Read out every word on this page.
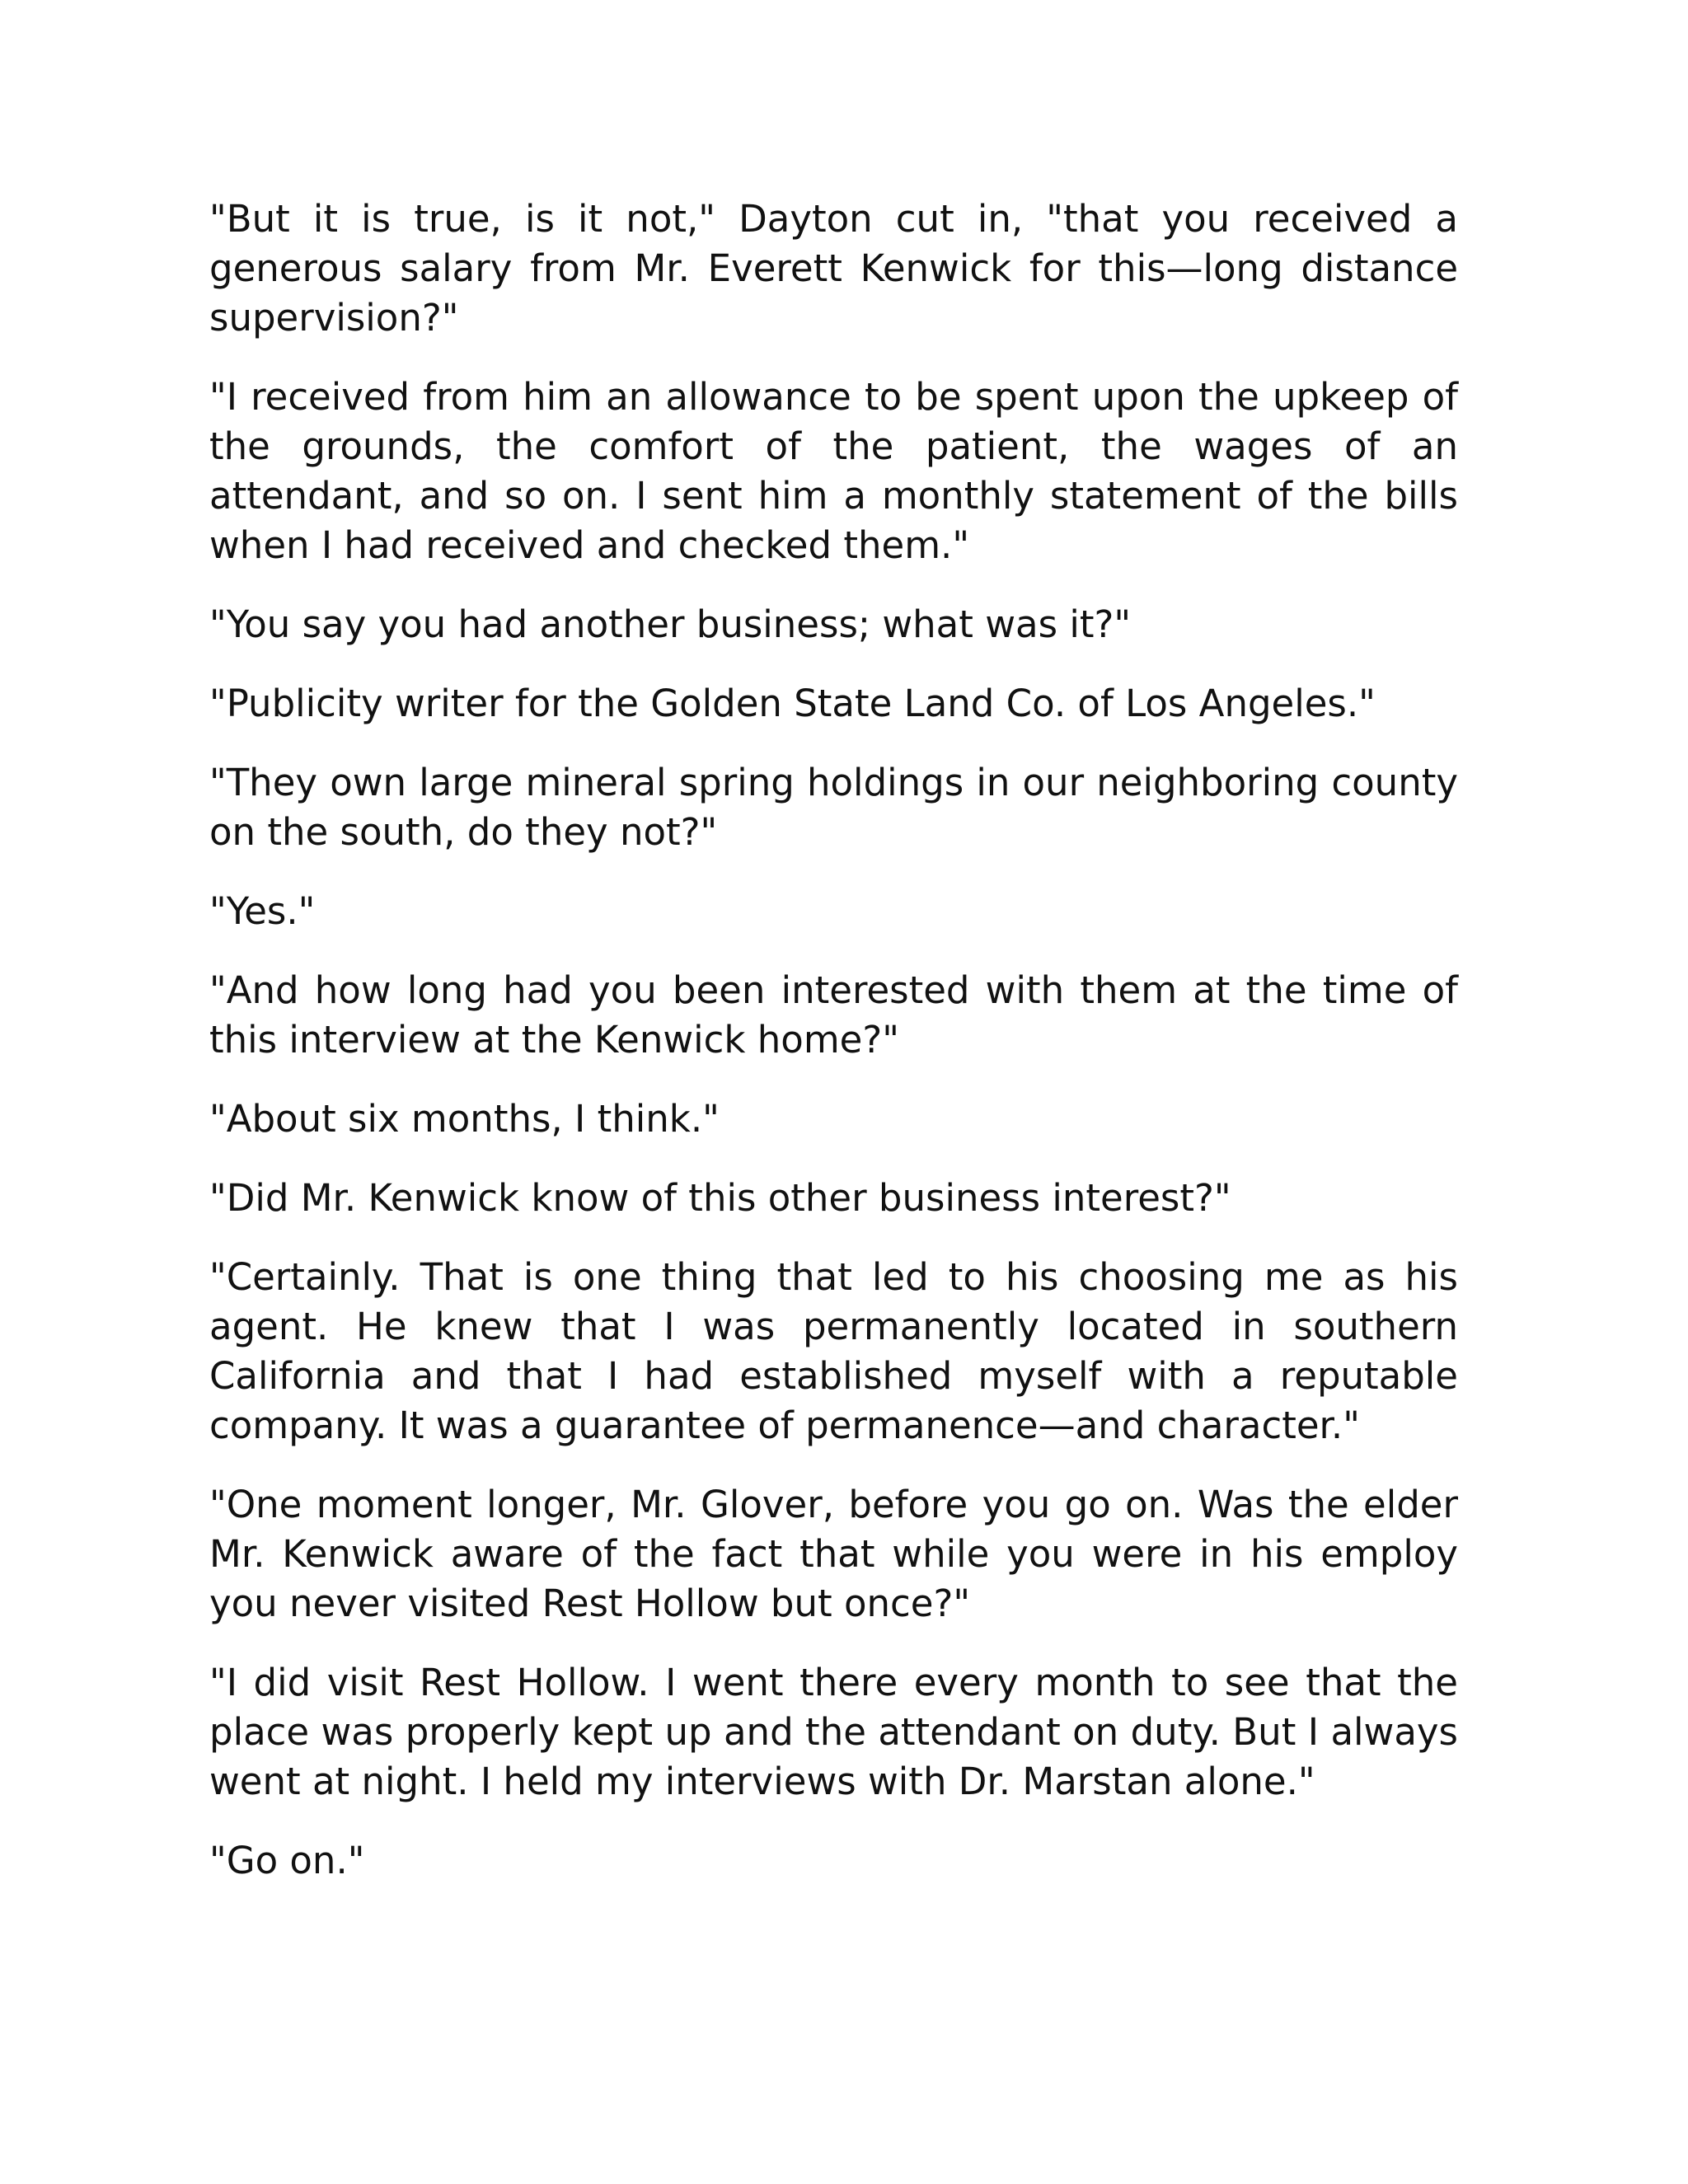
"But it is true, is it not," Dayton cut in, "that you received a generous salary from Mr. Everett Kenwick for this—long distance supervision?"

"I received from him an allowance to be spent upon the upkeep of the grounds, the comfort of the patient, the wages of an attendant, and so on. I sent him a monthly statement of the bills when I had received and checked them."

"You say you had another business; what was it?"

"Publicity writer for the Golden State Land Co. of Los Angeles."

"They own large mineral spring holdings in our neighboring county on the south, do they not?"

"Yes."

"And how long had you been interested with them at the time of this interview at the Kenwick home?"

"About six months, I think."

"Did Mr. Kenwick know of this other business interest?"

"Certainly. That is one thing that led to his choosing me as his agent. He knew that I was permanently located in southern California and that I had established myself with a reputable company. It was a guarantee of permanence—and character."

"One moment longer, Mr. Glover, before you go on. Was the elder Mr. Kenwick aware of the fact that while you were in his employ you never visited Rest Hollow but once?"

"I did visit Rest Hollow. I went there every month to see that the place was properly kept up and the attendant on duty. But I always went at night. I held my interviews with Dr. Marstan alone."

"Go on."
